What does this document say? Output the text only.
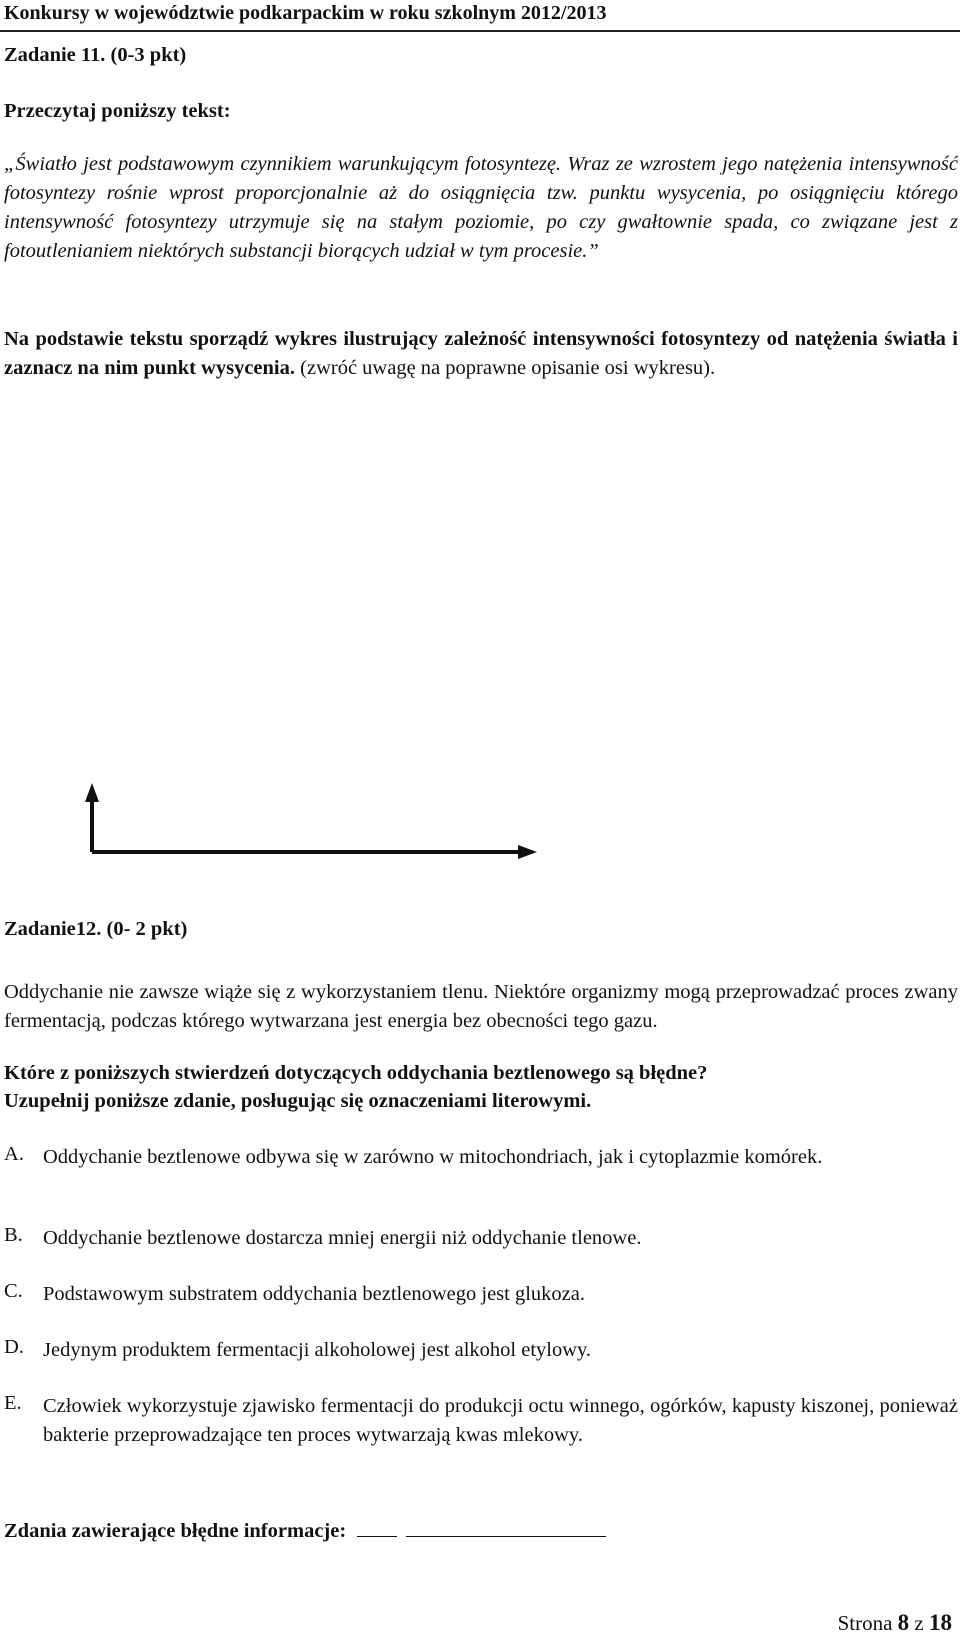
Konkursy w województwie podkarpackim w roku szkolnym 2012/2013
Zadanie 11. (0-3 pkt)
Przeczytaj poniższy tekst:
„Światło jest podstawowym czynnikiem warunkującym fotosyntezę. Wraz ze wzrostem jego natężenia intensywność fotosyntezy rośnie wprost proporcjonalnie aż do osiągnięcia tzw. punktu wysycenia, po osiągnięciu którego intensywność fotosyntezy utrzymuje się na stałym poziomie, po czy gwałtownie spada, co związane jest z fotoutlenianiem niektórych substancji biorących udział w tym procesie.”
Na podstawie tekstu sporządź wykres ilustrujący zależność intensywności fotosyntezy od natężenia światła i zaznacz na nim punkt wysycenia. (zwróć uwagę na poprawne opisanie osi wykresu).
Zadanie12. (0- 2 pkt)
Oddychanie nie zawsze wiąże się z wykorzystaniem tlenu. Niektóre organizmy mogą przeprowadzać proces zwany fermentacją, podczas którego wytwarzana jest energia bez obecności tego gazu.
Które z poniższych stwierdzeń dotyczących oddychania beztlenowego są błędne?
Uzupełnij poniższe zdanie, posługując się oznaczeniami literowymi.
A. Oddychanie beztlenowe odbywa się w zarówno w mitochondriach, jak i cytoplazmie komórek.
B. Oddychanie beztlenowe dostarcza mniej energii niż oddychanie tlenowe.
C. Podstawowym substratem oddychania beztlenowego jest glukoza.
D. Jedynym produktem fermentacji alkoholowej jest alkohol etylowy.
E. Człowiek wykorzystuje zjawisko fermentacji do produkcji octu winnego, ogórków, kapusty kiszonej, ponieważ bakterie przeprowadzające ten proces wytwarzają kwas mlekowy.
Zdania zawierające błędne informacje:
Strona 8 z 18
